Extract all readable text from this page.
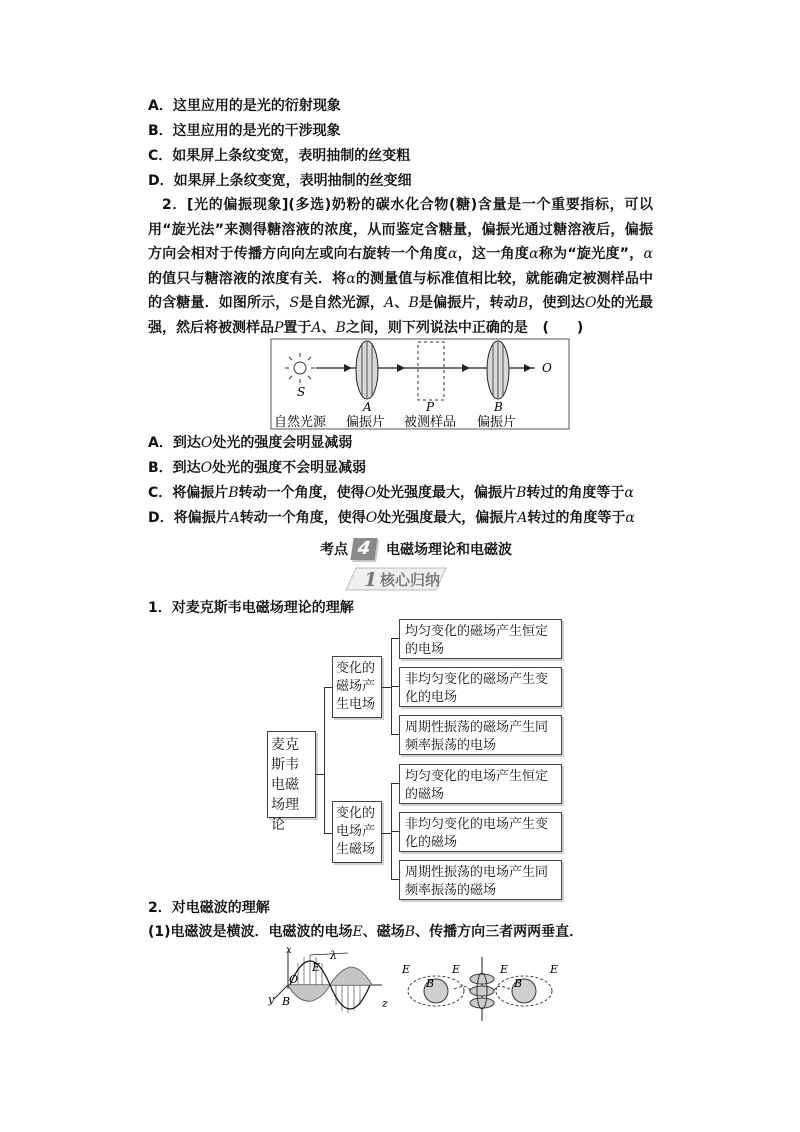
A．这里应用的是光的衍射现象
B．这里应用的是光的干涉现象
C．如果屏上条纹变宽，表明抽制的丝变粗
D．如果屏上条纹变宽，表明抽制的丝变细

2．[光的偏振现象](多选)奶粉的碳水化合物(糖)含量是一个重要指标，可以用“旋光法”来测得糖溶液的浓度，从而鉴定含糖量，偏振光通过糖溶液后，偏振方向会相对于传播方向向左或向右旋转一个角度α，这一角度α称为“旋光度”，α的值只与糖溶液的浓度有关．将α的测量值与标准值相比较，就能确定被测样品中的含糖量．如图所示，S是自然光源，A、B是偏振片，转动B，使到达O处的光最强，然后将被测样品P置于A、B之间，则下列说法中正确的是 (　　)

S
A	P	B
O
自然光源 偏振片 被测样品 偏振片
A．到达O处光的强度会明显减弱
B．到达O处光的强度不会明显减弱
C．将偏振片B转动一个角度，使得O处光强度最大，偏振片B转过的角度等于α
D．将偏振片A转动一个角度，使得O处光强度最大，偏振片A转过的角度等于α
考点 4	电磁场理论和电磁波
1 核心归纳
1．对麦克斯韦电磁场理论的理解
麦克斯韦电磁场理论
变化的磁场产生电场
变化的电场产生磁场
均匀变化的磁场产生恒定的电场
非均匀变化的磁场产生变化的电场
周期性振荡的磁场产生同频率振荡的电场
均匀变化的电场产生恒定的磁场
非均匀变化的电场产生变化的磁场
周期性振荡的电场产生同频率振荡的磁场
2．对电磁波的理解
(1)电磁波是横波．电磁波的电场E、磁场B、传播方向三者两两垂直．
x
O
E
λ
y B	z
E
B
E	E
B
E
